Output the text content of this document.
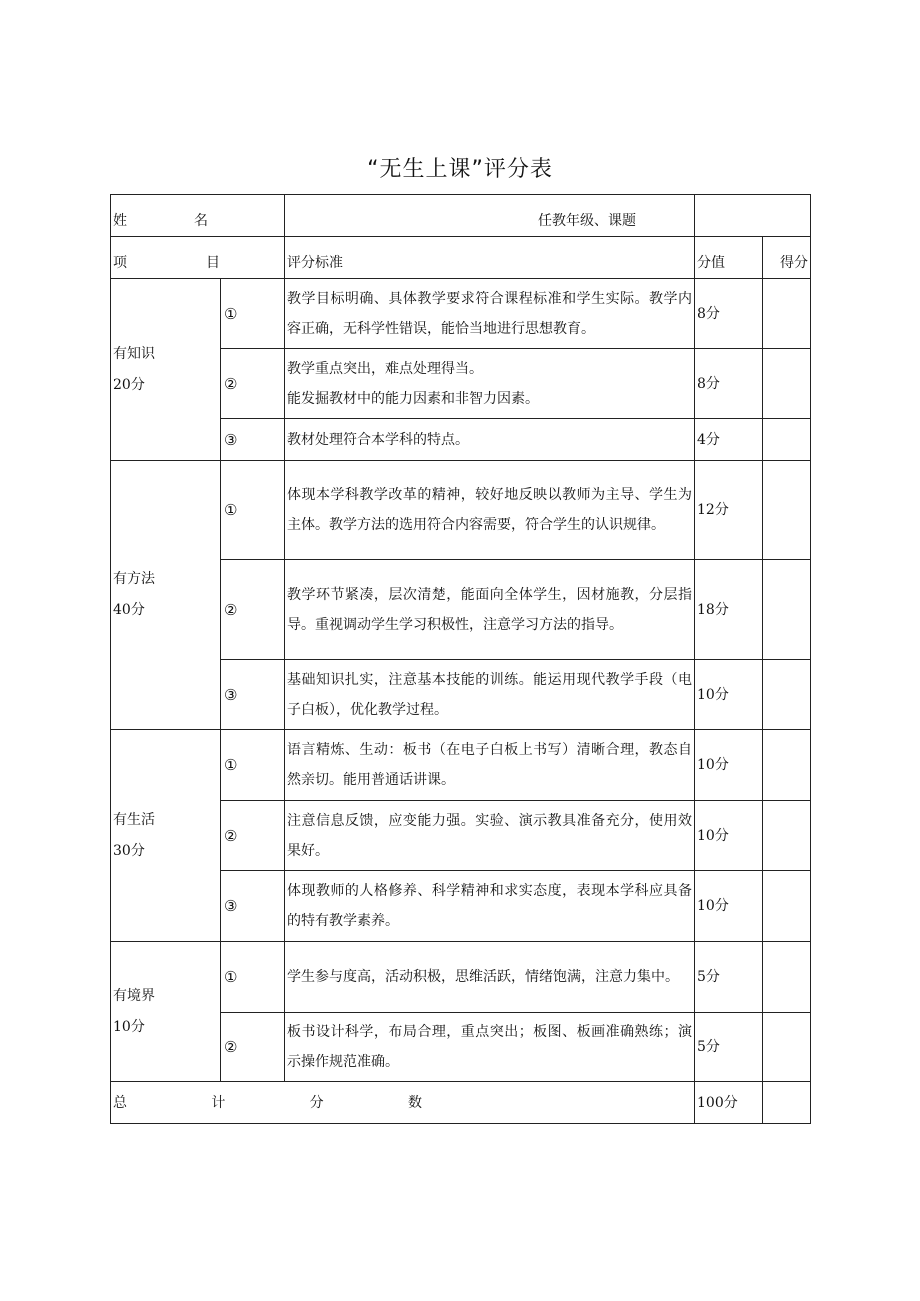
“无生上课”评分表
姓 名		任教年级、课题		

项 目		评分标准	分值	得分

有知识
20分	①	教学目标明确、具体教学要求符合课程标准和学生实际。教学内容正确，无科学性错误，能恰当地进行思想教育。	8分	
	②	教学重点突出，难点处理得当。
能发掘教材中的能力因素和非智力因素。	8分	
	③	教材处理符合本学科的特点。	4分	

有方法
40分	①	体现本学科教学改革的精神，较好地反映以教师为主导、学生为主体。教学方法的选用符合内容需要，符合学生的认识规律。	12分	
	②	教学环节紧凑，层次清楚，能面向全体学生，因材施教，分层指导。重视调动学生学习积极性，注意学习方法的指导。	18分	
	③	基础知识扎实，注意基本技能的训练。能运用现代教学手段（电子白板），优化教学过程。	10分	

有生活
30分	①	语言精炼、生动：板书（在电子白板上书写）清晰合理，教态自然亲切。能用普通话讲课。	10分	
	②	注意信息反馈，应变能力强。实验、演示教具准备充分，使用效果好。	10分	
	③	体现教师的人格修养、科学精神和求实态度，表现本学科应具备的特有教学素养。	10分	

有境界
10分	①	学生参与度高，活动积极，思维活跃，情绪饱满，注意力集中。	5分	
	②	板书设计科学，布局合理，重点突出；板图、板画准确熟练；演示操作规范准确。	5分	

总 计 分 数			100分	
